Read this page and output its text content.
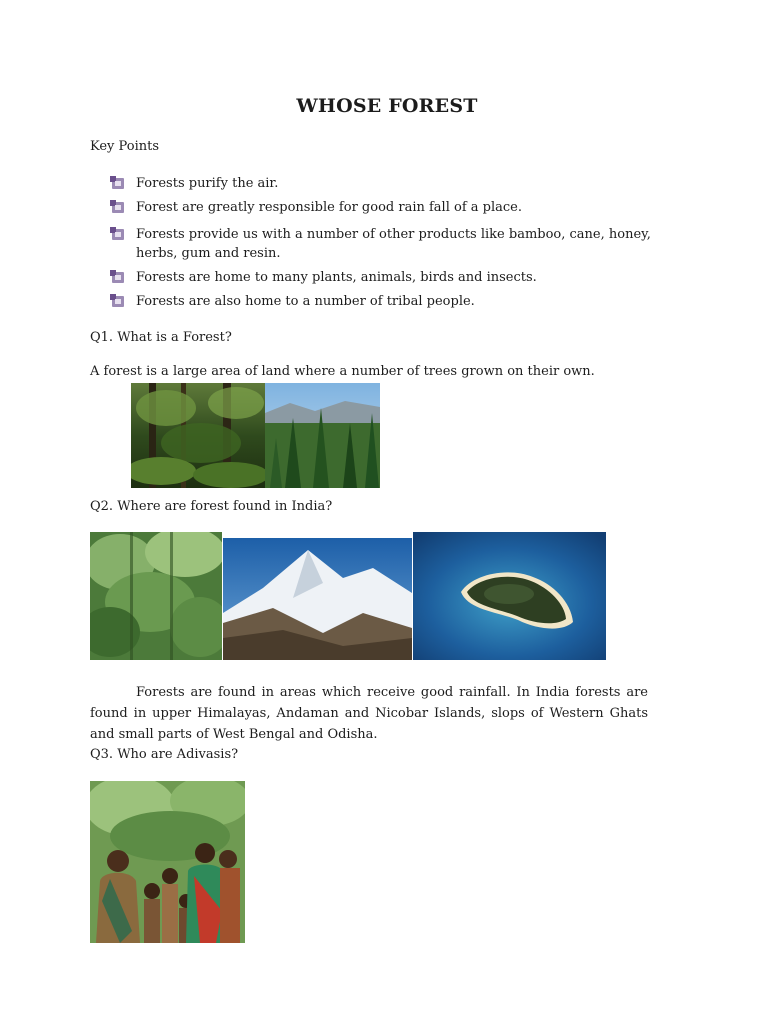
WHOSE FOREST
Key Points
Forests purify the air.
Forest are greatly responsible for good rain fall of a place.
Forests provide us with a number of other products like bamboo, cane, honey, herbs, gum and resin.
Forests are home to many plants, animals, birds and insects.
Forests are also home to a number of tribal people.
Q1. What is a Forest?
A forest is a large area of land where a number of trees grown on their own.
Q2. Where are forest found in India?
Forests are found in areas which receive good rainfall. In India forests are found in upper Himalayas, Andaman and Nicobar Islands, slops of Western Ghats and small parts of West Bengal and Odisha.
Q3. Who are Adivasis?
